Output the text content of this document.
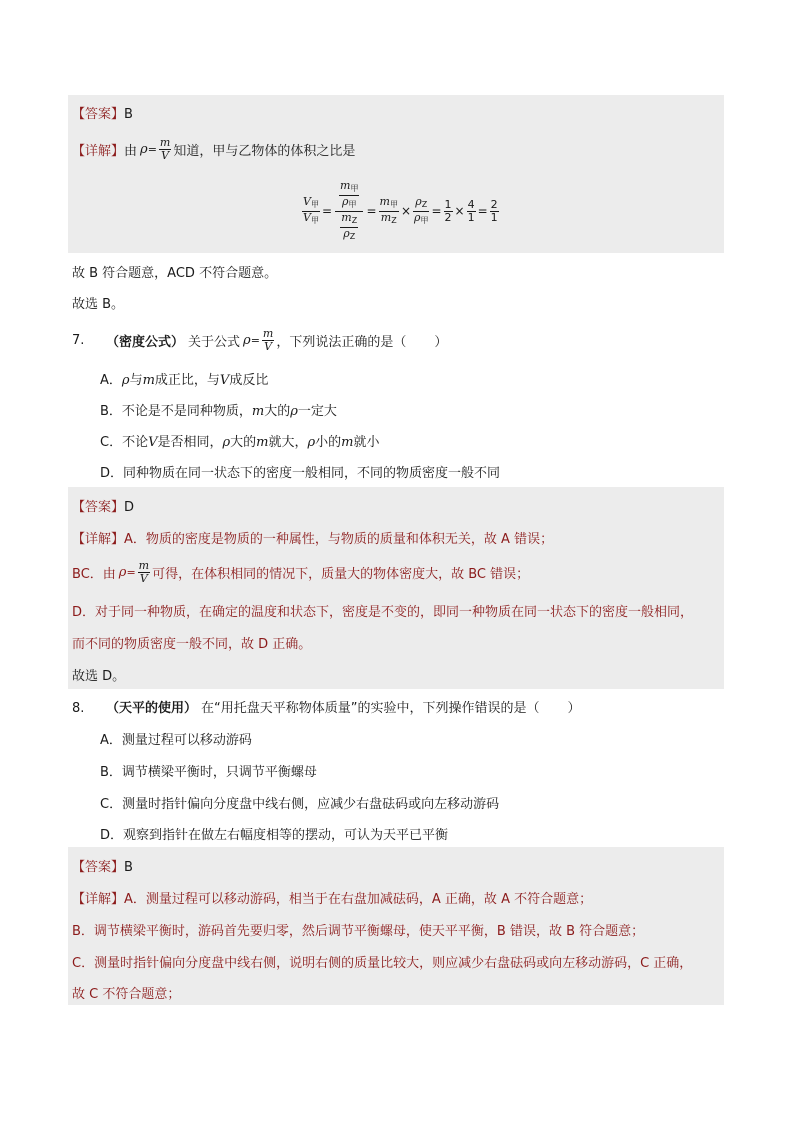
【答案】B
【详解】 由 $\rho = \frac{m}{V}$ 知道，甲与乙物体的体积之比是
$\frac{V_甲}{V_甲}$ =
$\frac{m_甲}{\rho_甲}$
$\frac{m_Z}{\rho_Z}$
= $\frac{m_甲}{m_Z} \times \frac{\rho_Z}{\rho_甲} = \frac{1}{2} \times \frac{4}{1} = \frac{2}{1}$
故 B 符合题意，ACD 不符合题意。
故选 B。
7.	（密度公式） 关于公式 $\rho = \frac{m}{V}$ ，下列说法正确的是（ ）
A．ρ与m成正比，与V成反比
B．不论是不是同种物质，m大的ρ一定大
C．不论V是否相同，ρ大的m就大，ρ小的m就小
D．同种物质在同一状态下的密度一般相同，不同的物质密度一般不同
【答案】D
【详解】A．物质的密度是物质的一种属性，与物质的质量和体积无关，故 A 错误；
BC．由 $\rho = \frac{m}{V}$ 可得，在体积相同的情况下，质量大的物体密度大，故 BC 错误；
D．对于同一种物质，在确定的温度和状态下，密度是不变的，即同一种物质在同一状态下的密度一般相同，
而不同的物质密度一般不同，故 D 正确。
故选 D。
8. （天平的使用） 在“用托盘天平称物体质量”的实验中，下列操作错误的是（ ）
A．测量过程可以移动游码
B．调节横梁平衡时，只调节平衡螺母
C．测量时指针偏向分度盘中线右侧，应减少右盘砝码或向左移动游码
D．观察到指针在做左右幅度相等的摆动，可认为天平已平衡
【答案】B
【详解】A．测量过程可以移动游码，相当于在右盘加减砝码，A 正确，故 A 不符合题意；
B．调节横梁平衡时，游码首先要归零，然后调节平衡螺母，使天平平衡，B 错误，故 B 符合题意；
C．测量时指针偏向分度盘中线右侧，说明右侧的质量比较大，则应减少右盘砝码或向左移动游码，C 正确，
故 C 不符合题意；
